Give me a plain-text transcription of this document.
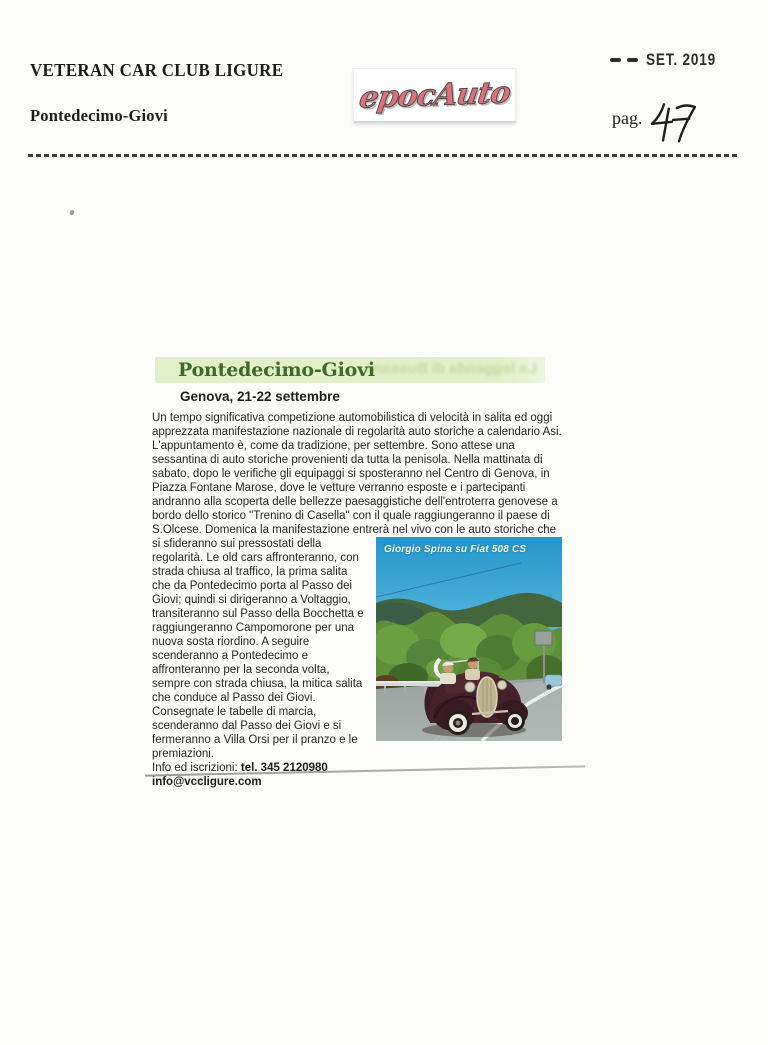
VETERAN CAR CLUB LIGURE
Pontedecimo-Giovi
epocAuto
SET. 2019
pag.
La leggenda di Bussana
Pontedecimo-Giovi
Genova, 21-22 settembre
Giorgio Spina su Fiat 508 CS
Un tempo significativa competizione automobilistica di velocità in salita ed oggi apprezzata manifestazione nazionale di regolarità auto storiche a calendario Asi. L'appuntamento è, come da tradizione, per settembre. Sono attese una sessantina di auto storiche provenienti da tutta la penisola. Nella mattinata di sabato, dopo le verifiche gli equipaggi si sposteranno nel Centro di Genova, in Piazza Fontane Marose, dove le vetture verranno esposte e i partecipanti andranno alla scoperta delle bellezze paesaggistiche dell'entroterra genovese a bordo dello storico "Trenino di Casella" con il quale raggiungeranno il paese di S.Olcese. Domenica la manifestazione entrerà nel vivo con le auto storiche che si sfideranno sui pressostati della regolarità. Le old cars affronteranno, con strada chiusa al traffico, la prima salita che da Pontedecimo porta al Passo dei Giovi; quindi si dirigeranno a Voltaggio, transiteranno sul Passo della Bocchetta e raggiungeranno Campomorone per una nuova sosta riordino. A seguire scenderanno a Pontedecimo e affronteranno per la seconda volta, sempre con strada chiusa, la mitica salita che conduce al Passo dei Giovi. Consegnate le tabelle di marcia, scenderanno dal Passo dei Giovi e si fermeranno a Villa Orsi per il pranzo e le premiazioni.
Info ed iscrizioni: tel. 345 2120980
info@vccligure.com
